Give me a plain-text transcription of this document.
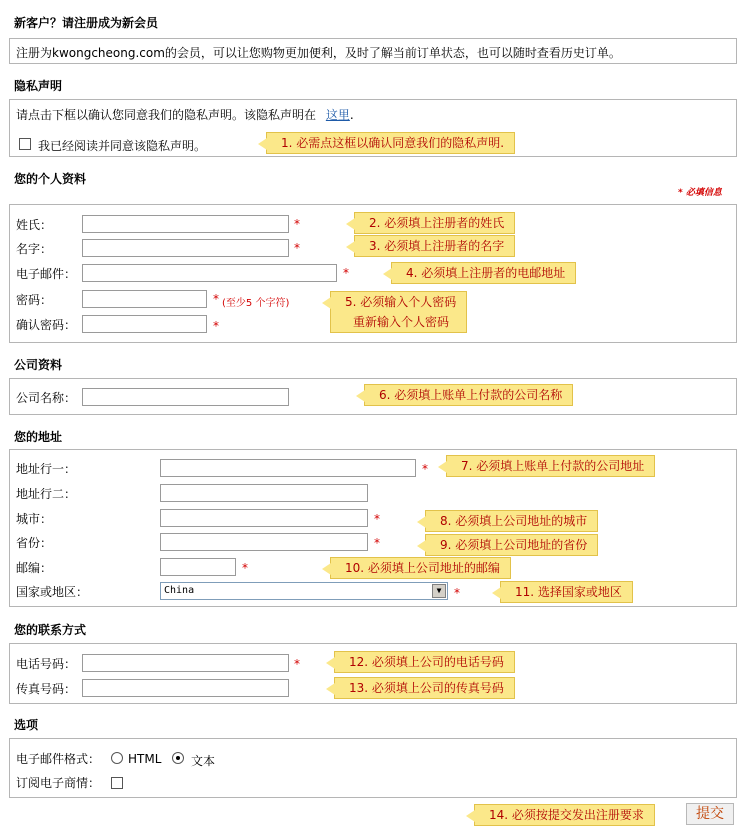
新客户？请注册成为新会员
注册为kwongcheong.com的会员，可以让您购物更加便利，及时了解当前订单状态，也可以随时查看历史订单。
隐私声明
请点击下框以确认您同意我们的隐私声明。该隐私声明在 这里.
我已经阅读并同意该隐私声明。	1. 必需点这框以确认同意我们的隐私声明.
您的个人资料
* 必填信息
姓氏：	*
名字：	*
电子邮件：	*
密码：	* (至少5 个字符)
确认密码：	*
2. 必须填上注册者的姓氏
3. 必须填上注册者的名字
4. 必须填上注册者的电邮地址
5. 必须输入个人密码
重新输入个人密码
公司资料
公司名称：	6. 必须填上账单上付款的公司名称
您的地址
地址行一：	*
地址行二：
城市：	*
省份：	*
邮编：	*
国家或地区：	China	▼	*
7. 必须填上账单上付款的公司地址
8. 必须填上公司地址的城市
9. 必须填上公司地址的省份
10. 必须填上公司地址的邮编
11. 选择国家或地区
您的联系方式
电话号码：	*
传真号码：
12. 必须填上公司的电话号码
13. 必须填上公司的传真号码
选项
电子邮件格式： HTML 文本
订阅电子商情：
14. 必须按提交发出注册要求	提交
